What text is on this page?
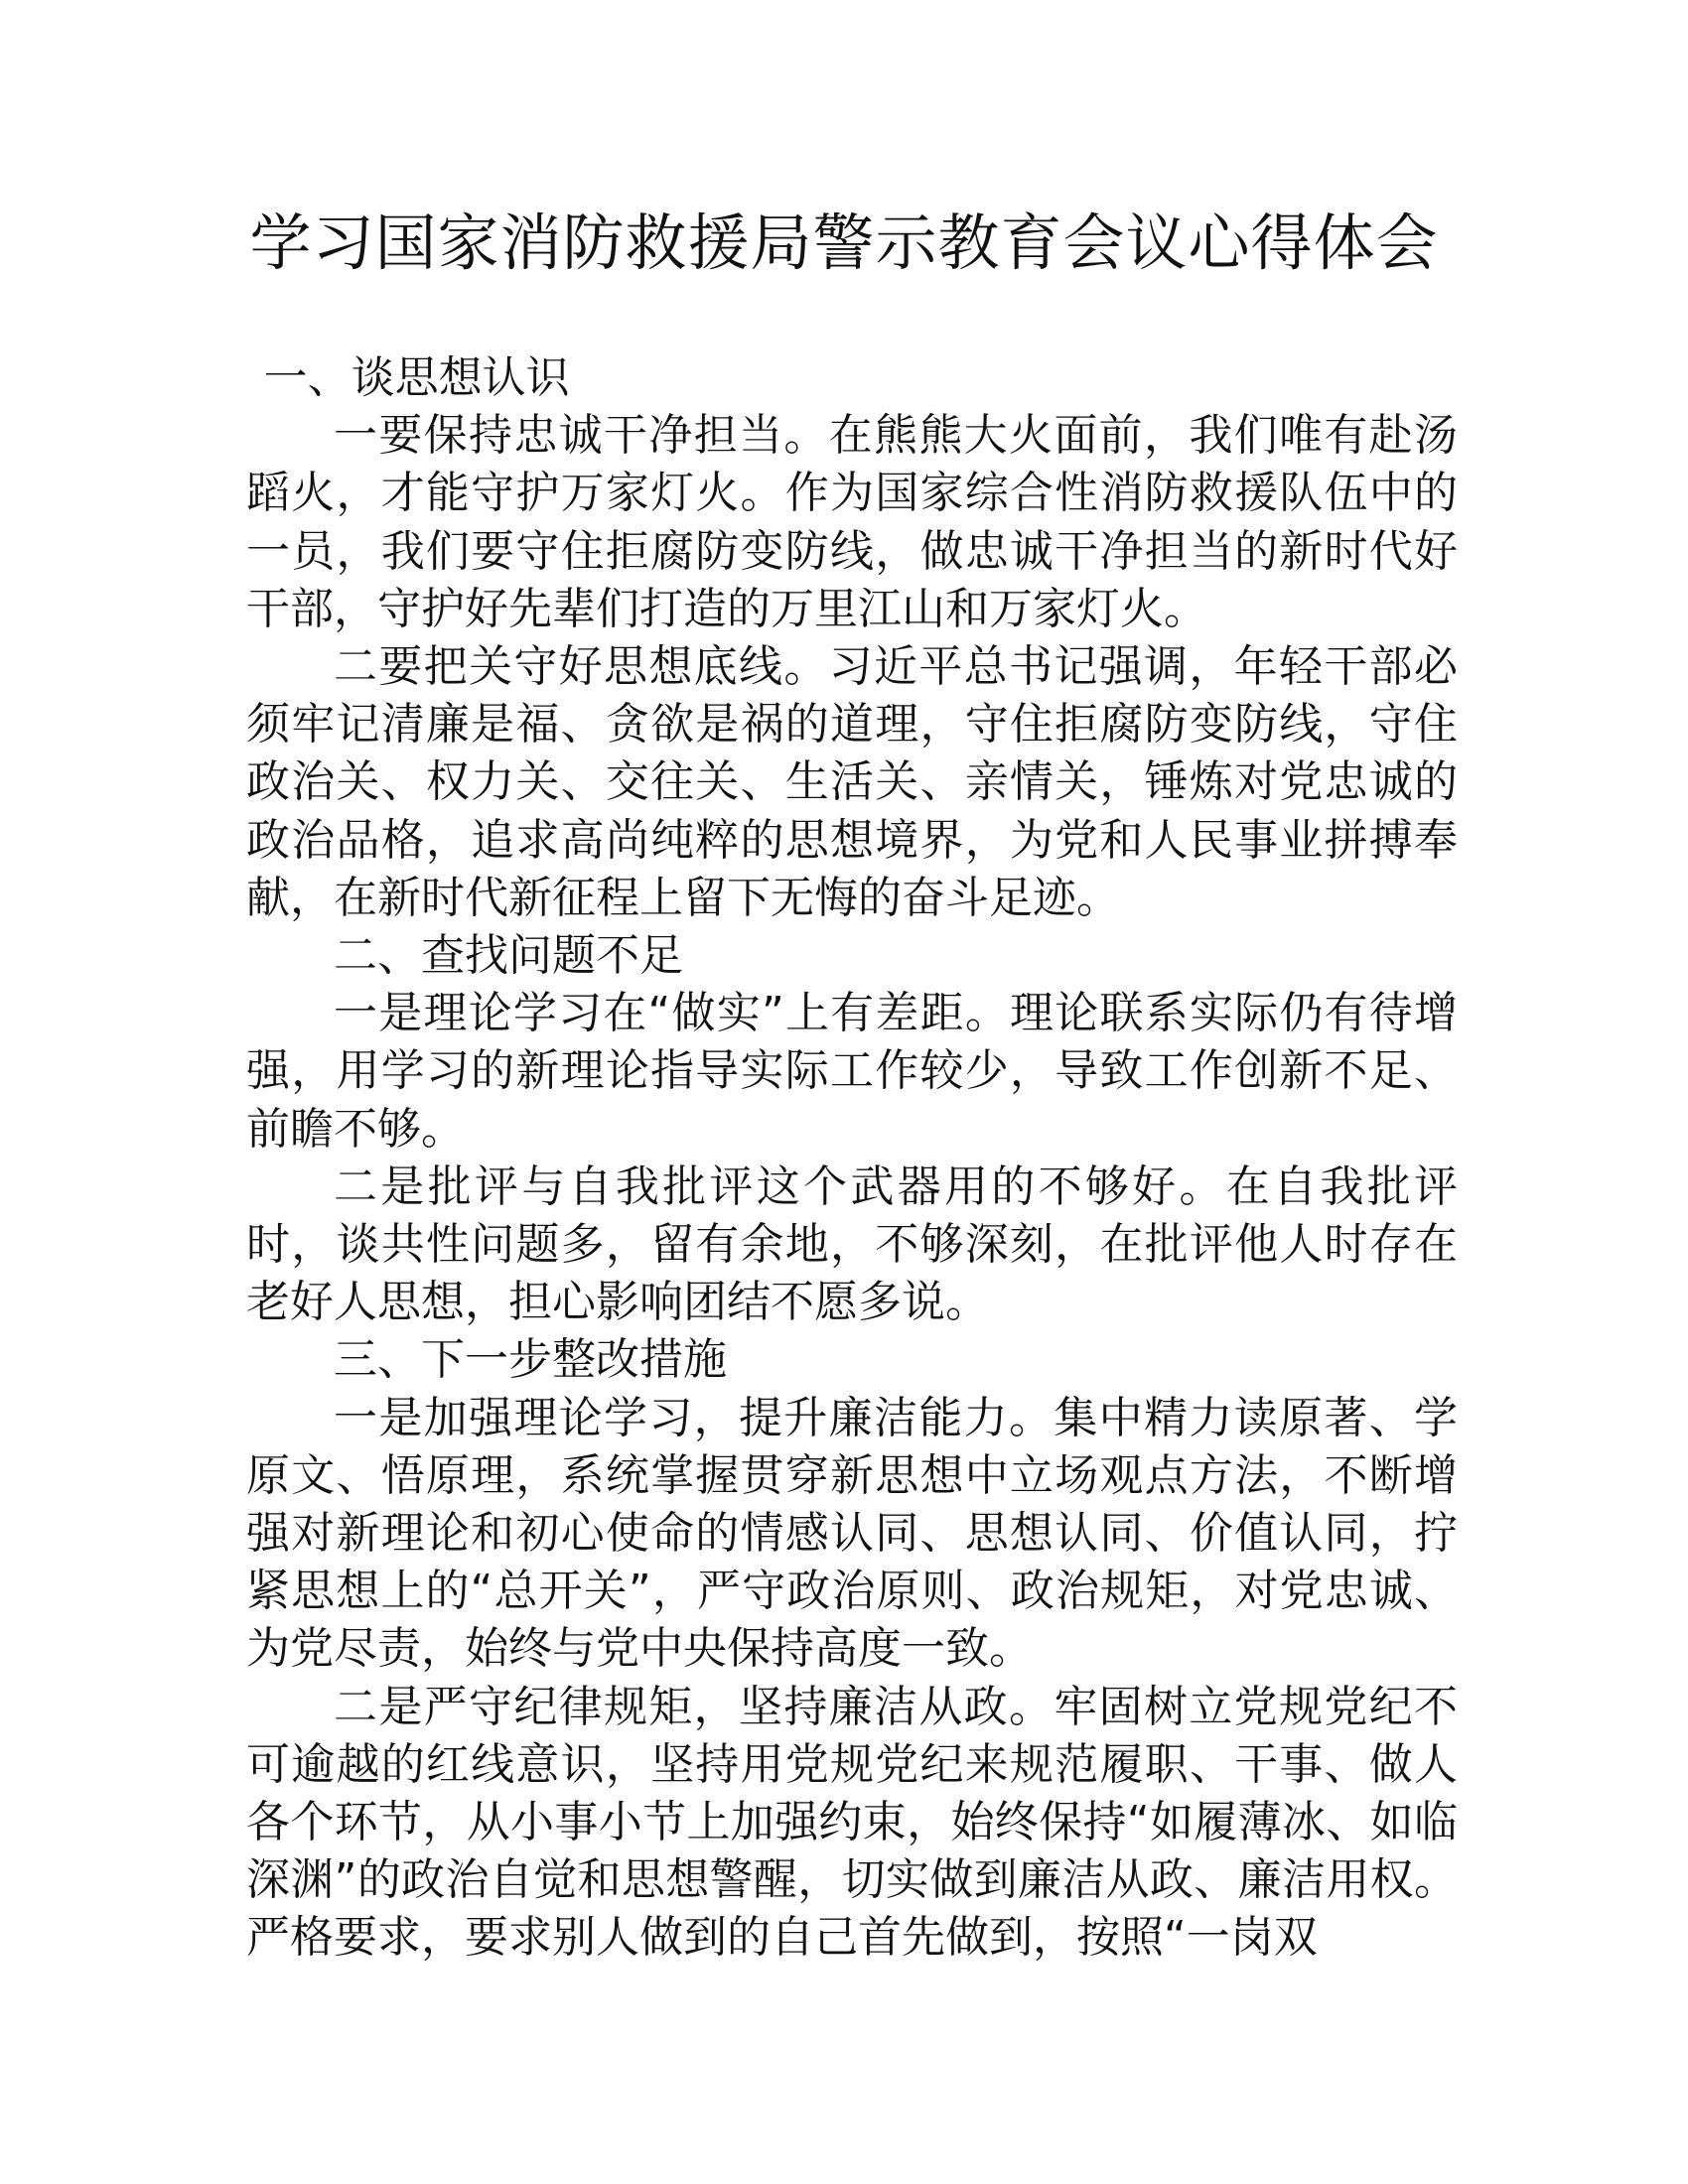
学习国家消防救援局警示教育会议心得体会

一、谈思想认识

一要保持忠诚干净担当。在熊熊大火面前，我们唯有赴汤蹈火，才能守护万家灯火。作为国家综合性消防救援队伍中的一员，我们要守住拒腐防变防线，做忠诚干净担当的新时代好干部，守护好先辈们打造的万里江山和万家灯火。

二要把关守好思想底线。习近平总书记强调，年轻干部必须牢记清廉是福、贪欲是祸的道理，守住拒腐防变防线，守住政治关、权力关、交往关、生活关、亲情关，锤炼对党忠诚的政治品格，追求高尚纯粹的思想境界，为党和人民事业拼搏奉献，在新时代新征程上留下无悔的奋斗足迹。

二、查找问题不足

一是理论学习在“做实”上有差距。理论联系实际仍有待增强，用学习的新理论指导实际工作较少，导致工作创新不足、前瞻不够。

二是批评与自我批评这个武器用的不够好。在自我批评时，谈共性问题多，留有余地，不够深刻，在批评他人时存在老好人思想，担心影响团结不愿多说。

三、下一步整改措施

一是加强理论学习，提升廉洁能力。集中精力读原著、学原文、悟原理，系统掌握贯穿新思想中立场观点方法，不断增强对新理论和初心使命的情感认同、思想认同、价值认同，拧紧思想上的“总开关”，严守政治原则、政治规矩，对党忠诚、为党尽责，始终与党中央保持高度一致。

二是严守纪律规矩，坚持廉洁从政。牢固树立党规党纪不可逾越的红线意识，坚持用党规党纪来规范履职、干事、做人各个环节，从小事小节上加强约束，始终保持“如履薄冰、如临深渊”的政治自觉和思想警醒，切实做到廉洁从政、廉洁用权。严格要求，要求别人做到的自己首先做到，按照“一岗双
